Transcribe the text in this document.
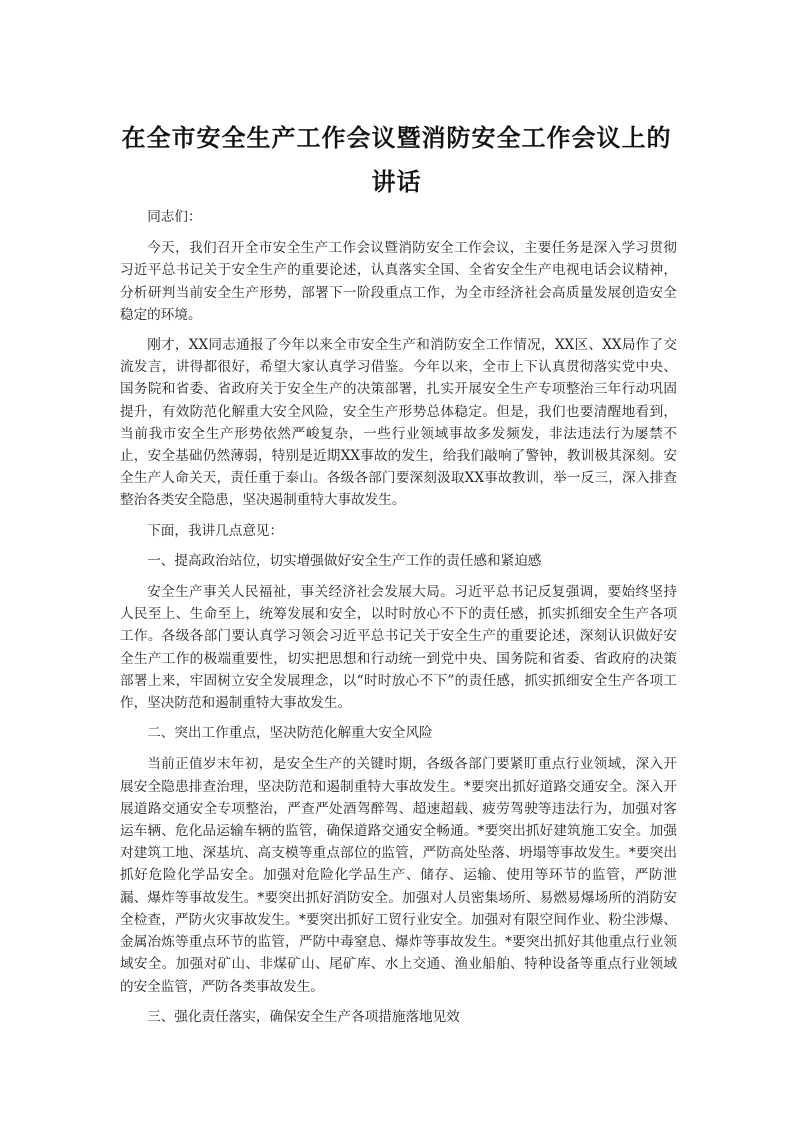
在全市安全生产工作会议暨消防安全工作会议上的
讲话

同志们：

今天，我们召开全市安全生产工作会议暨消防安全工作会议，主要任务是深入学习贯彻习近平总书记关于安全生产的重要论述，认真落实全国、全省安全生产电视电话会议精神，分析研判当前安全生产形势，部署下一阶段重点工作，为全市经济社会高质量发展创造安全稳定的环境。

刚才，XX同志通报了今年以来全市安全生产和消防安全工作情况，XX区、XX局作了交流发言，讲得都很好，希望大家认真学习借鉴。今年以来，全市上下认真贯彻落实党中央、国务院和省委、省政府关于安全生产的决策部署，扎实开展安全生产专项整治三年行动巩固提升，有效防范化解重大安全风险，安全生产形势总体稳定。但是，我们也要清醒地看到，当前我市安全生产形势依然严峻复杂，一些行业领域事故多发频发，非法违法行为屡禁不止，安全基础仍然薄弱，特别是近期XX事故的发生，给我们敲响了警钟，教训极其深刻。安全生产人命关天，责任重于泰山。各级各部门要深刻汲取XX事故教训，举一反三，深入排查整治各类安全隐患，坚决遏制重特大事故发生。

下面，我讲几点意见：

一、提高政治站位，切实增强做好安全生产工作的责任感和紧迫感

安全生产事关人民福祉，事关经济社会发展大局。习近平总书记反复强调，要始终坚持人民至上、生命至上，统筹发展和安全，以时时放心不下的责任感，抓实抓细安全生产各项工作。各级各部门要认真学习领会习近平总书记关于安全生产的重要论述，深刻认识做好安全生产工作的极端重要性，切实把思想和行动统一到党中央、国务院和省委、省政府的决策部署上来，牢固树立安全发展理念，以“时时放心不下”的责任感，抓实抓细安全生产各项工作，坚决防范和遏制重特大事故发生。

二、突出工作重点，坚决防范化解重大安全风险

当前正值岁末年初，是安全生产的关键时期，各级各部门要紧盯重点行业领域，深入开展安全隐患排查治理，坚决防范和遏制重特大事故发生。*要突出抓好道路交通安全。深入开展道路交通安全专项整治，严查严处酒驾醉驾、超速超载、疲劳驾驶等违法行为，加强对客运车辆、危化品运输车辆的监管，确保道路交通安全畅通。*要突出抓好建筑施工安全。加强对建筑工地、深基坑、高支模等重点部位的监管，严防高处坠落、坍塌等事故发生。*要突出抓好危险化学品安全。加强对危险化学品生产、储存、运输、使用等环节的监管，严防泄漏、爆炸等事故发生。*要突出抓好消防安全。加强对人员密集场所、易燃易爆场所的消防安全检查，严防火灾事故发生。*要突出抓好工贸行业安全。加强对有限空间作业、粉尘涉爆、金属冶炼等重点环节的监管，严防中毒窒息、爆炸等事故发生。*要突出抓好其他重点行业领域安全。加强对矿山、非煤矿山、尾矿库、水上交通、渔业船舶、特种设备等重点行业领域的安全监管，严防各类事故发生。

三、强化责任落实，确保安全生产各项措施落地见效
